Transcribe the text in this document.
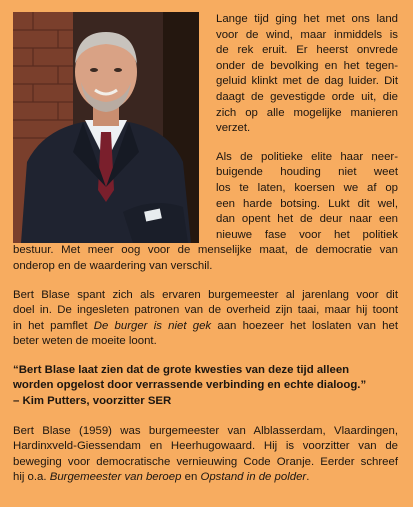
Lange tijd ging het met ons land
voor de wind, maar inmiddels is
de rek eruit. Er heerst onvrede
onder de bevolking en het tegen-
geluid klinkt met de dag luider. Dit
daagt de gevestigde orde uit, die
zich op alle mogelijke manieren
verzet.
Als de politieke elite haar neer-
buigende houding niet weet
los te laten, koersen we af op
een harde botsing. Lukt dit wel,
dan opent het de deur naar een
nieuwe fase voor het politiek
bestuur. Met meer oog voor de menselijke maat, de democratie van
onderop en de waardering van verschil.
Bert Blase spant zich als ervaren burgemeester al jarenlang voor dit
doel in. De ingesleten patronen van de overheid zijn taai, maar hij toont
in het pamflet De burger is niet gek aan hoezeer het loslaten van het
beter weten de moeite loont.
“Bert Blase laat zien dat de grote kwesties van deze tijd alleen
worden opgelost door verrassende verbinding en echte dialoog.”
– Kim Putters, voorzitter SER
Bert Blase (1959) was burgemeester van Alblasserdam, Vlaardingen,
Hardinxveld-Giessendam en Heerhugowaard. Hij is voorzitter van de
beweging voor democratische vernieuwing Code Oranje. Eerder schreef
hij o.a. Burgemeester van beroep en Opstand in de polder.
